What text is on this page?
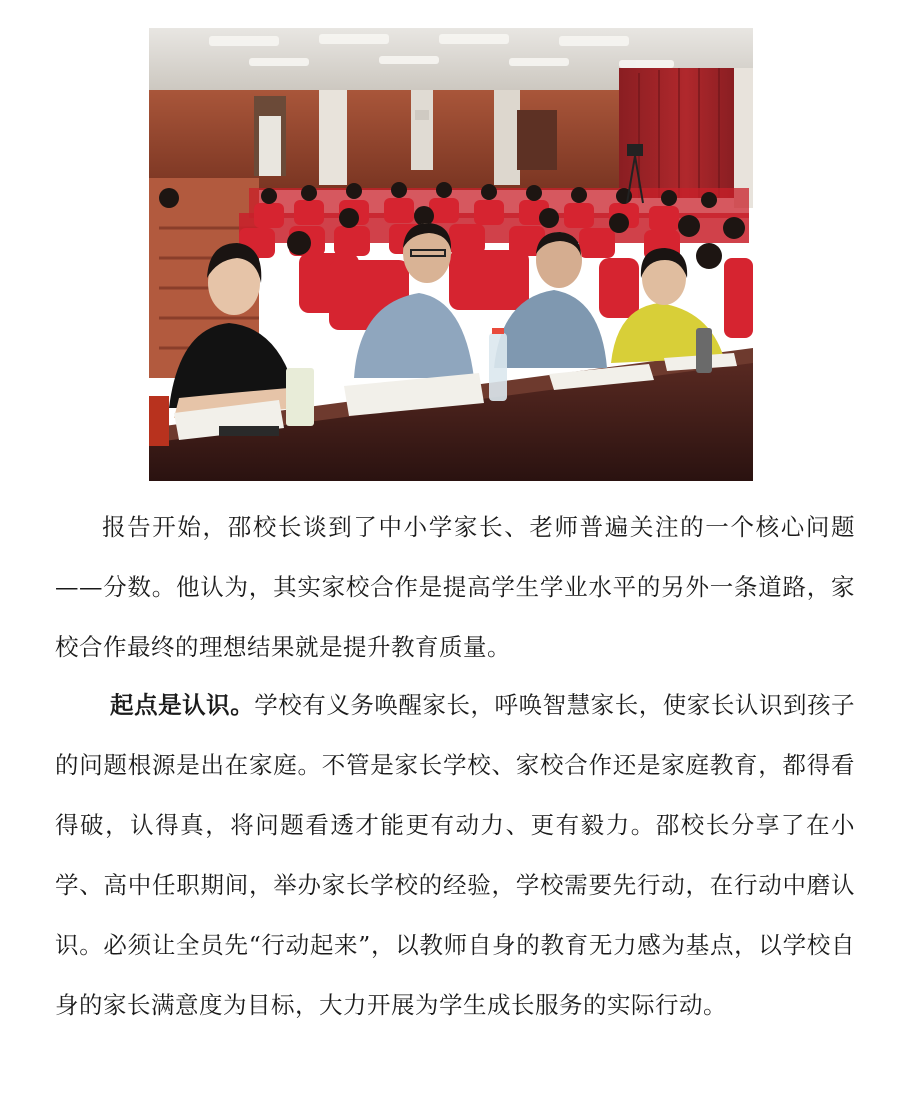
报告开始，邵校长谈到了中小学家长、老师普遍关注的一个核心问题——分数。他认为，其实家校合作是提高学生学业水平的另外一条道路，家校合作最终的理想结果就是提升教育质量。

起点是认识。学校有义务唤醒家长，呼唤智慧家长，使家长认识到孩子的问题根源是出在家庭。不管是家长学校、家校合作还是家庭教育，都得看得破，认得真，将问题看透才能更有动力、更有毅力。邵校长分享了在小学、高中任职期间，举办家长学校的经验，学校需要先行动，在行动中磨认识。必须让全员先“行动起来”，以教师自身的教育无力感为基点，以学校自身的家长满意度为目标，大力开展为学生成长服务的实际行动。
